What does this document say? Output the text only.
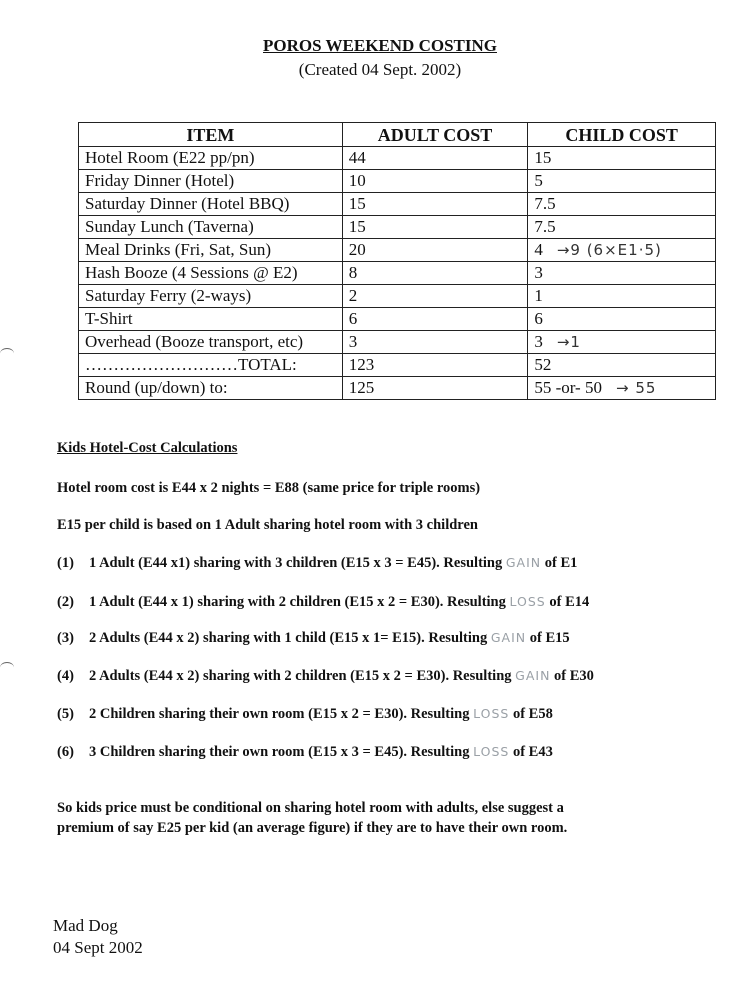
POROS WEEKEND COSTING
(Created 04 Sept. 2002)
ITEM	ADULT COST	CHILD COST
Hotel Room (E22 pp/pn)	44	15
Friday Dinner (Hotel)	10	5
Saturday Dinner (Hotel BBQ)	15	7.5
Sunday Lunch (Taverna)	15	7.5
Meal Drinks (Fri, Sat, Sun)	20	4 →9 (6×E1·5)
Hash Booze (4 Sessions @ E2)	8	3
Saturday Ferry (2-ways)	2	1
T-Shirt	6	6
Overhead (Booze transport, etc)	3	3 →1
………………………TOTAL:	123	52
Round (up/down) to:	125	55 -or- 50 → 55
Kids Hotel-Cost Calculations
Hotel room cost is E44 x 2 nights = E88 (same price for triple rooms)
E15 per child is based on 1 Adult sharing hotel room with 3 children
(1) 1 Adult (E44 x1) sharing with 3 children (E15 x 3 = E45). Resulting GAIN of E1
(2) 1 Adult (E44 x 1) sharing with 2 children (E15 x 2 = E30). Resulting LOSS of E14
(3) 2 Adults (E44 x 2) sharing with 1 child (E15 x 1= E15). Resulting GAIN of E15
(4) 2 Adults (E44 x 2) sharing with 2 children (E15 x 2 = E30). Resulting GAIN of E30
(5) 2 Children sharing their own room (E15 x 2 = E30). Resulting LOSS of E58
(6) 3 Children sharing their own room (E15 x 3 = E45). Resulting LOSS of E43
So kids price must be conditional on sharing hotel room with adults, else suggest a
premium of say E25 per kid (an average figure) if they are to have their own room.
Mad Dog
04 Sept 2002
